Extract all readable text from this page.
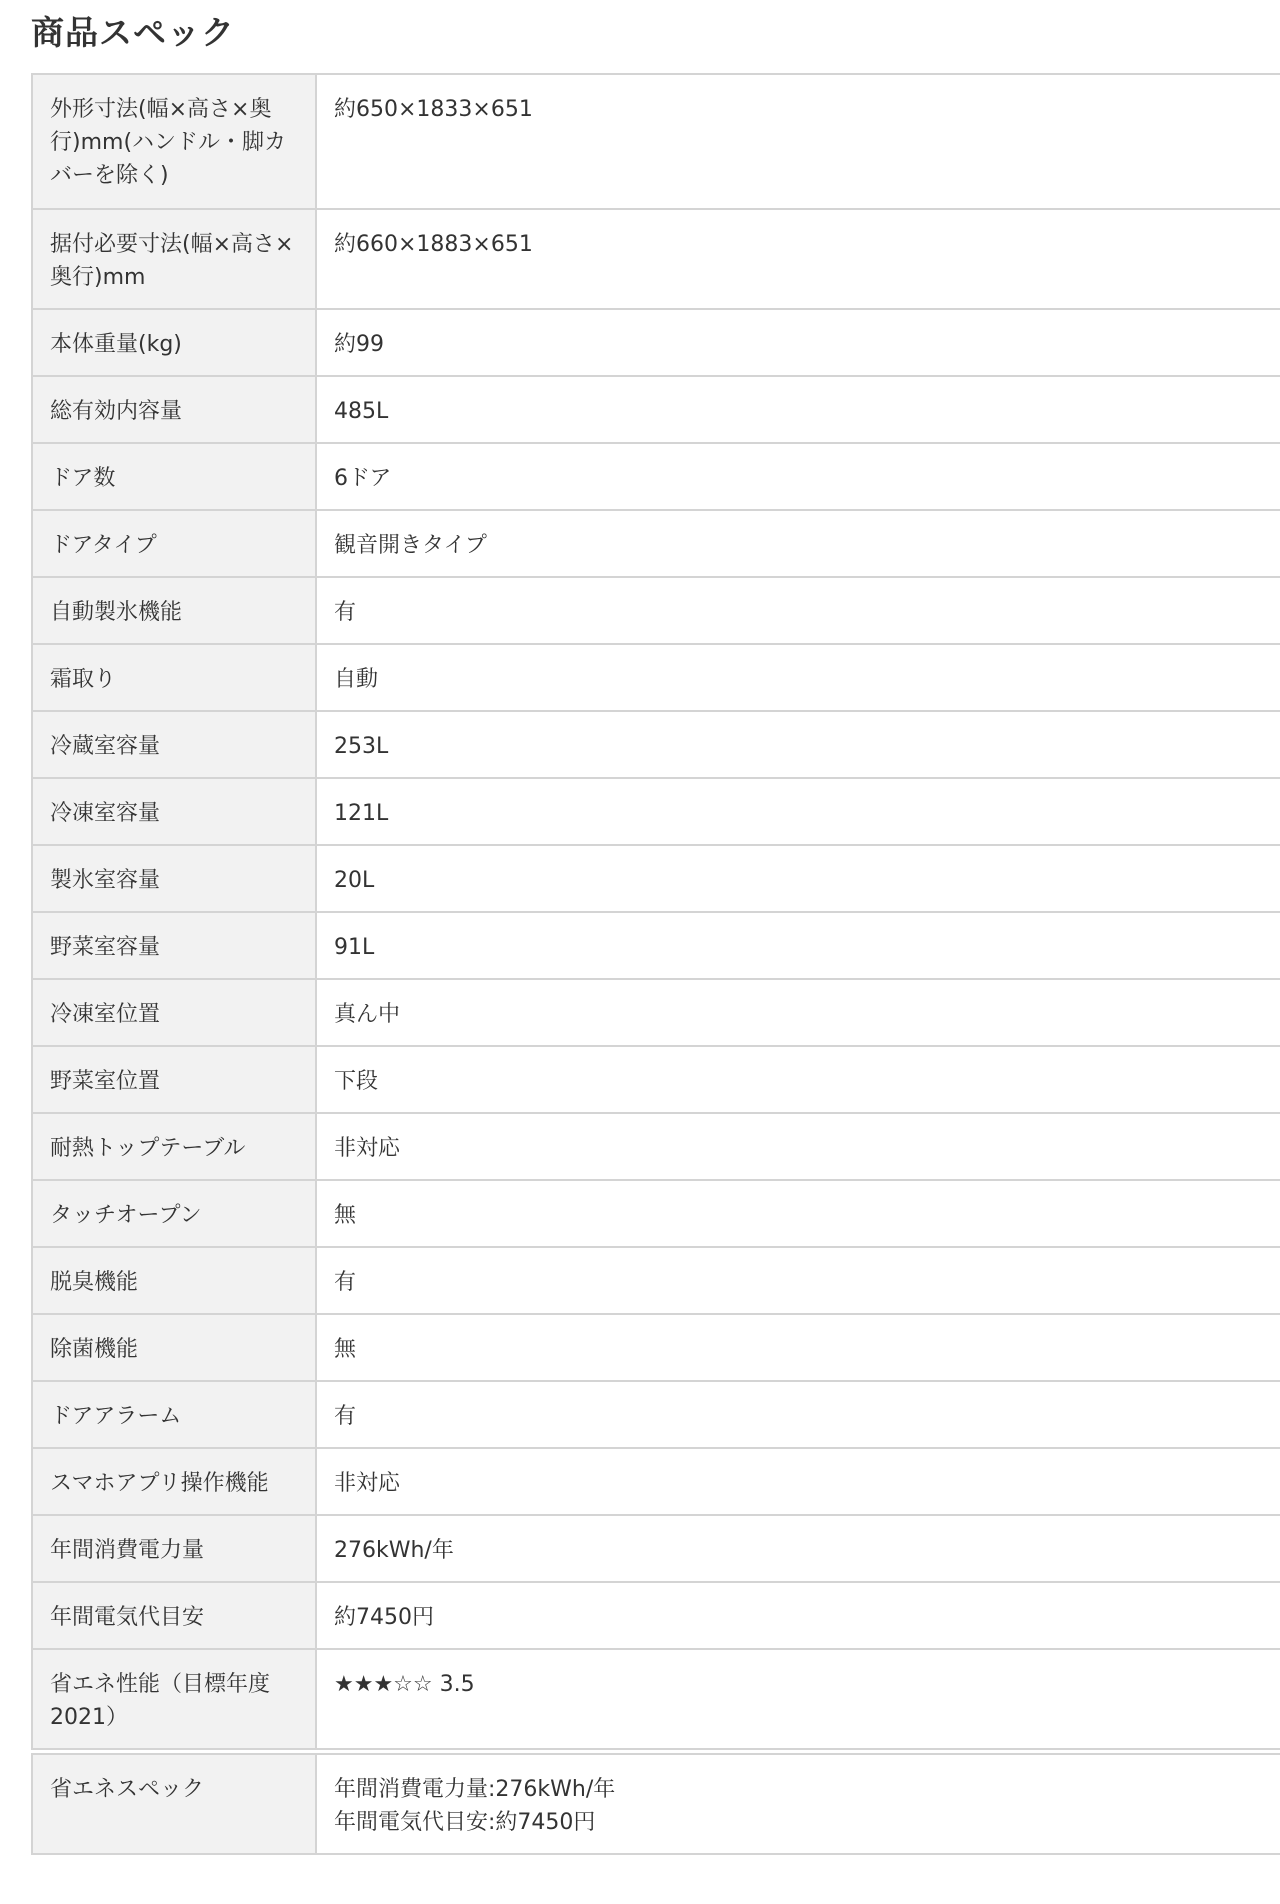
商品スペック
外形寸法(幅×高さ×奥
行)mm(ハンドル・脚カ
バーを除く)	約650×1833×651

据付必要寸法(幅×高さ×
奥行)mm	約660×1883×651

本体重量(kg)	約99

総有効内容量	485L

ドア数	6ドア

ドアタイプ	観音開きタイプ

自動製氷機能	有

霜取り	自動

冷蔵室容量	253L

冷凍室容量	121L

製氷室容量	20L

野菜室容量	91L

冷凍室位置	真ん中

野菜室位置	下段

耐熱トップテーブル	非対応

タッチオープン	無

脱臭機能	有

除菌機能	無

ドアアラーム	有

スマホアプリ操作機能	非対応

年間消費電力量	276kWh/年

年間電気代目安	約7450円

省エネ性能（目標年度
2021）	★★★☆☆ 3.5
省エネスペック	年間消費電力量:276kWh/年
年間電気代目安:約7450円
